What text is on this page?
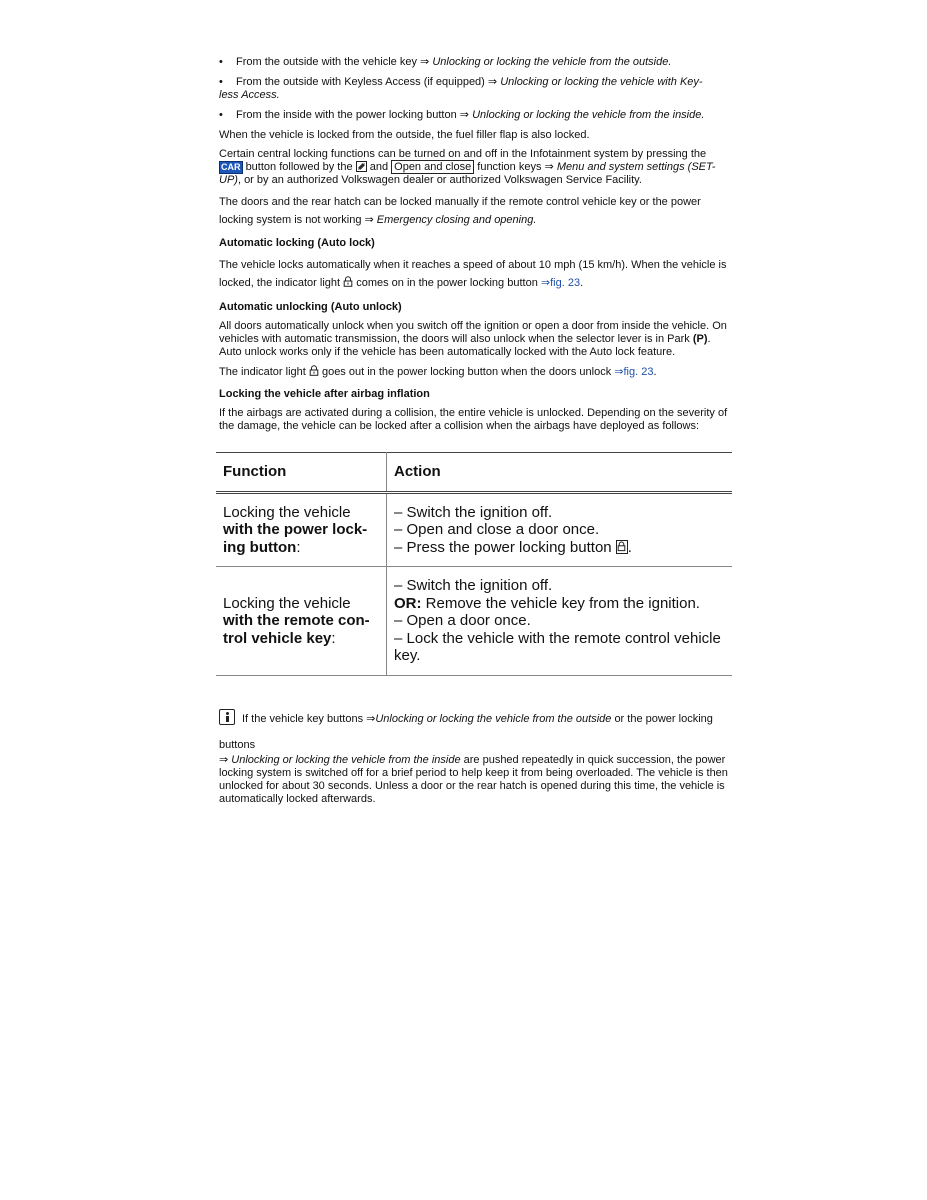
• From the outside with the vehicle key ⇒ Unlocking or locking the vehicle from the outside.
• From the outside with Keyless Access (if equipped) ⇒ Unlocking or locking the vehicle with Key-
less Access.
• From the inside with the power locking button ⇒ Unlocking or locking the vehicle from the inside.

When the vehicle is locked from the outside, the fuel filler flap is also locked.

Certain central locking functions can be turned on and off in the Infotainment system by pressing the CAR button followed by the and Open and close function keys ⇒ Menu and system settings (SET-UP), or by an authorized Volkswagen dealer or authorized Volkswagen Service Facility.

The doors and the rear hatch can be locked manually if the remote control vehicle key or the power locking system is not working ⇒ Emergency closing and opening.

Automatic locking (Auto lock)

The vehicle locks automatically when it reaches a speed of about 10 mph (15 km/h). When the vehicle is locked, the indicator light comes on in the power locking button ⇒fig. 23.

Automatic unlocking (Auto unlock)

All doors automatically unlock when you switch off the ignition or open a door from inside the vehicle. On vehicles with automatic transmission, the doors will also unlock when the selector lever is in Park (P). Auto unlock works only if the vehicle has been automatically locked with the Auto lock feature.

The indicator light goes out in the power locking button when the doors unlock ⇒fig. 23.

Locking the vehicle after airbag inflation

If the airbags are activated during a collision, the entire vehicle is unlocked. Depending on the severity of the damage, the vehicle can be locked after a collision when the airbags have deployed as follows:

Function	Action
Locking the vehicle
with the power lock-ing button:	– Switch the ignition off.
– Open and close a door once.
– Press the power locking button .
Locking the vehicle
with the remote con-trol vehicle key:	– Switch the ignition off.
OR: Remove the vehicle key from the ignition.
– Open a door once.
– Lock the vehicle with the remote control vehicle key.
If the vehicle key buttons ⇒Unlocking or locking the vehicle from the outside or the power locking buttons
⇒ Unlocking or locking the vehicle from the inside are pushed repeatedly in quick succession, the power locking system is switched off for a brief period to help keep it from being overloaded. The vehicle is then unlocked for about 30 seconds. Unless a door or the rear hatch is opened during this time, the vehicle is automatically locked afterwards.
